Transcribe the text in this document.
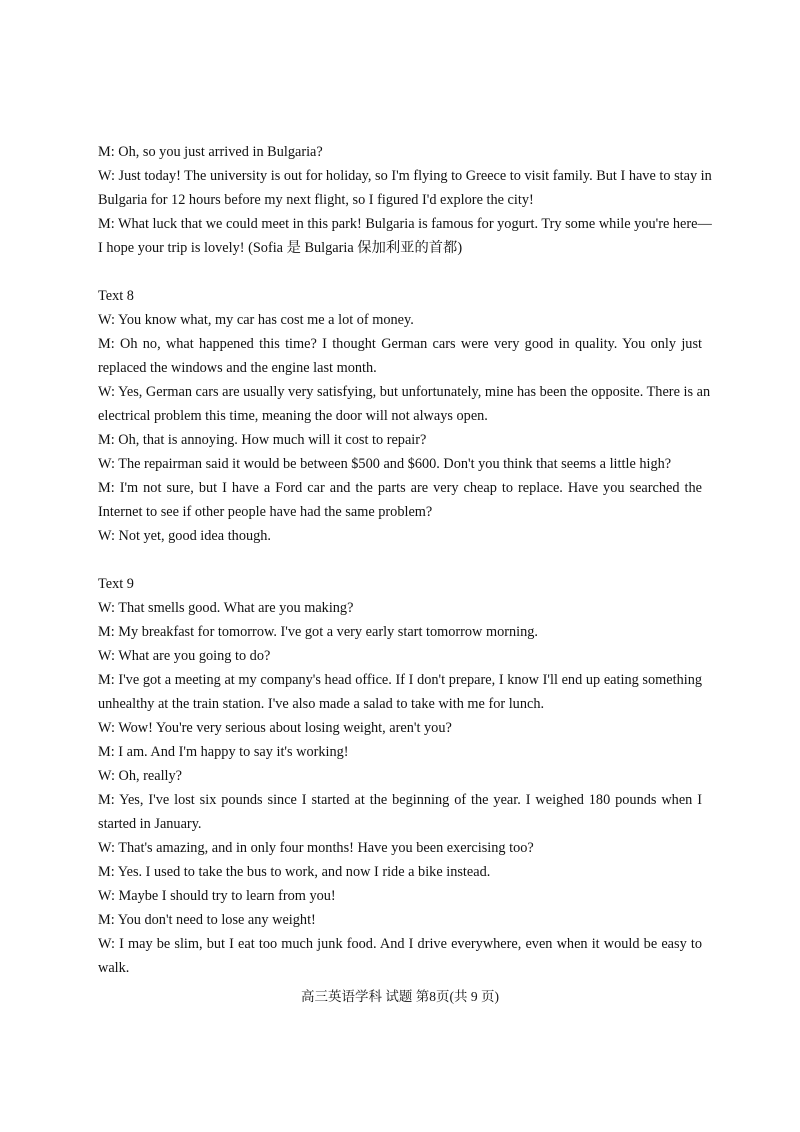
M: Oh, so you just arrived in Bulgaria?
W: Just today! The university is out for holiday, so I'm flying to Greece to visit family. But I have to stay in
Bulgaria for 12 hours before my next flight, so I figured I'd explore the city!
M: What luck that we could meet in this park! Bulgaria is famous for yogurt. Try some while you're here—
I hope your trip is lovely! (Sofia 是 Bulgaria 保加利亚的首都)
Text 8
W: You know what, my car has cost me a lot of money.
M: Oh no, what happened this time? I thought German cars were very good in quality. You only just
replaced the windows and the engine last month.
W: Yes, German cars are usually very satisfying, but unfortunately, mine has been the opposite. There is an
electrical problem this time, meaning the door will not always open.
M: Oh, that is annoying. How much will it cost to repair?
W: The repairman said it would be between $500 and $600. Don't you think that seems a little high?
M: I'm not sure, but I have a Ford car and the parts are very cheap to replace. Have you searched the
Internet to see if other people have had the same problem?
W: Not yet, good idea though.
Text 9
W: That smells good. What are you making?
M: My breakfast for tomorrow. I've got a very early start tomorrow morning.
W: What are you going to do?
M: I've got a meeting at my company's head office. If I don't prepare, I know I'll end up eating something
unhealthy at the train station. I've also made a salad to take with me for lunch.
W: Wow! You're very serious about losing weight, aren't you?
M: I am. And I'm happy to say it's working!
W: Oh, really?
M: Yes, I've lost six pounds since I started at the beginning of the year. I weighed 180 pounds when I
started in January.
W: That's amazing, and in only four months! Have you been exercising too?
M: Yes. I used to take the bus to work, and now I ride a bike instead.
W: Maybe I should try to learn from you!
M: You don't need to lose any weight!
W: I may be slim, but I eat too much junk food. And I drive everywhere, even when it would be easy to
walk.
高三英语学科 试题 第8页(共 9 页)
